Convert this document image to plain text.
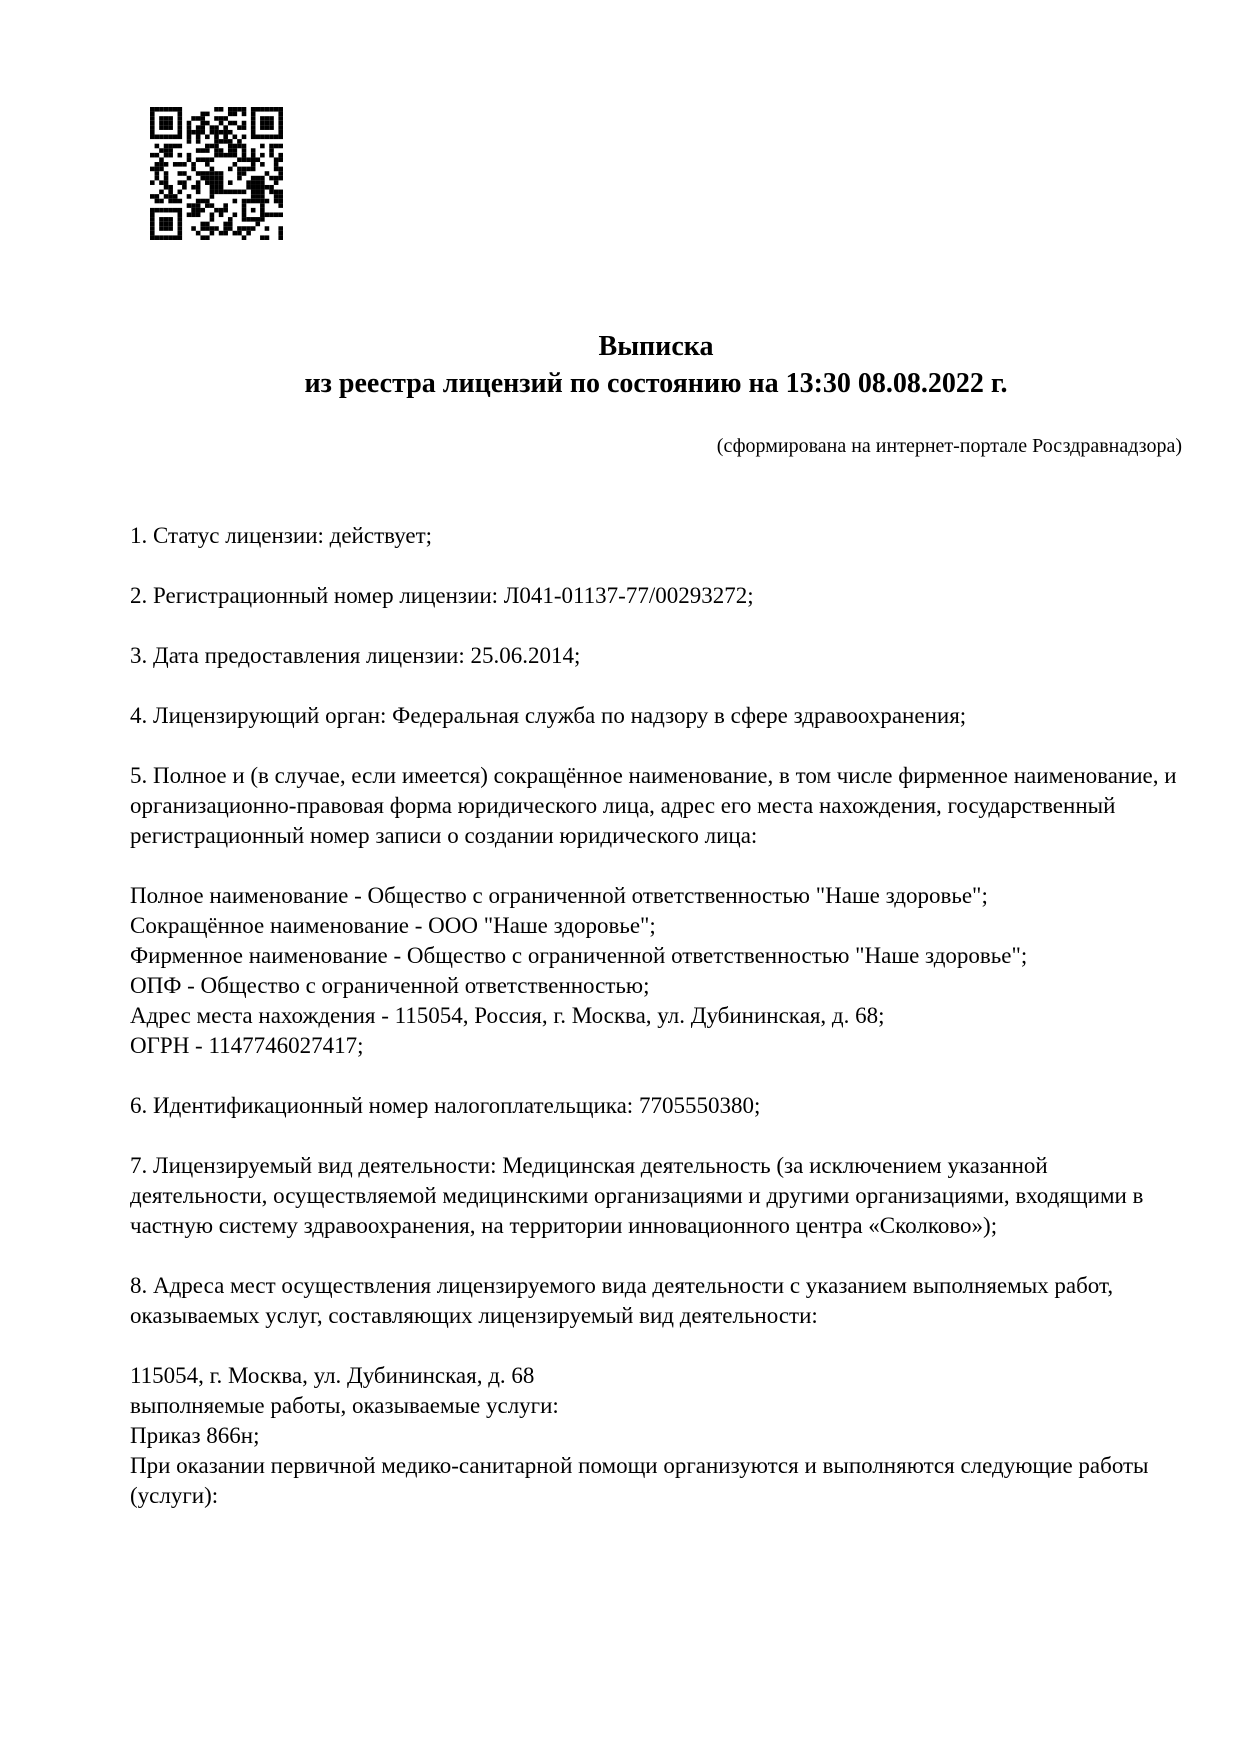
Выписка
из реестра лицензий по состоянию на 13:30 08.08.2022 г.
(сформирована на интернет-портале Росздравнадзора)

1. Статус лицензии: действует;

2. Регистрационный номер лицензии: Л041-01137-77/00293272;

3. Дата предоставления лицензии: 25.06.2014;

4. Лицензирующий орган: Федеральная служба по надзору в сфере здравоохранения;

5. Полное и (в случае, если имеется) сокращённое наименование, в том числе фирменное наименование, и организационно-правовая форма юридического лица, адрес его места нахождения, государственный регистрационный номер записи о создании юридического лица:

Полное наименование - Общество с ограниченной ответственностью "Наше здоровье";
Сокращённое наименование - ООО "Наше здоровье";
Фирменное наименование - Общество с ограниченной ответственностью "Наше здоровье";
ОПФ - Общество с ограниченной ответственностью;
Адрес места нахождения - 115054, Россия, г. Москва, ул. Дубининская, д. 68;
ОГРН - 1147746027417;

6. Идентификационный номер налогоплательщика: 7705550380;

7. Лицензируемый вид деятельности: Медицинская деятельность (за исключением указанной деятельности, осуществляемой медицинскими организациями и другими организациями, входящими в частную систему здравоохранения, на территории инновационного центра «Сколково»);

8. Адреса мест осуществления лицензируемого вида деятельности с указанием выполняемых работ, оказываемых услуг, составляющих лицензируемый вид деятельности:

115054, г. Москва, ул. Дубининская, д. 68
выполняемые работы, оказываемые услуги:
Приказ 866н;
При оказании первичной медико-санитарной помощи организуются и выполняются следующие работы (услуги):
